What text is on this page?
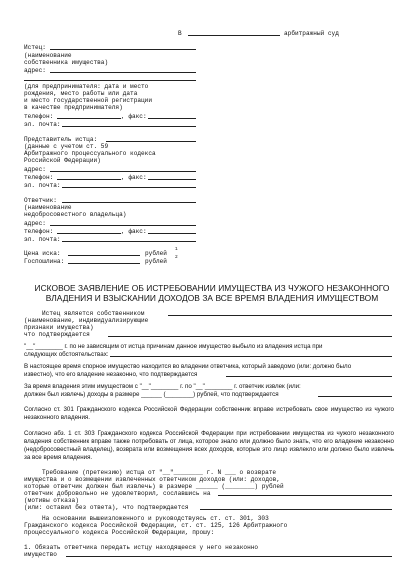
В	арбитражный суд
Истец:
(наименование
собственника имущества)
адрес:
(для предпринимателя: дата и место
рождения, место работы или дата
и место государственной регистрации
в качестве предпринимателя)
телефон:	, факс:
эл. почта:
Представитель истца:
(данные с учетом ст. 59
Арбитражного процессуального кодекса
Российской Федерации)
адрес:
телефон:	, факс:
эл. почта:
Ответчик:
(наименование
недобросовестного владельца)
адрес:
телефон:	, факс:
эл. почта:
Цена иска:	рублей
1
Госпошлина:	рублей
2
ИСКОВОЕ ЗАЯВЛЕНИЕ ОБ ИСТРЕБОВАНИИ ИМУЩЕСТВА ИЗ ЧУЖОГО НЕЗАКОННОГО
ВЛАДЕНИЯ И ВЗЫСКАНИИ ДОХОДОВ ЗА ВСЕ ВРЕМЯ ВЛАДЕНИЯ ИМУЩЕСТВОМ
Истец является собственником
(наименование, индивидуализирующие
признаки имущества)
что подтверждается
"__"________ г. по не зависящим от истца причинам данное имущество выбыло из владения истца при
следующих обстоятельствах:
В настоящее время спорное имущество находится во владении ответчика, который заведомо (или: должно было
известно), что его владение незаконно, что подтверждается
За время владения этим имуществом с "__"________ г. по "__"________ г. ответчик извлек (или:
должен был извлечь) доходы в размере ______ (________) рублей, что подтверждается
Согласно ст. 301 Гражданского кодекса Российской Федерации собственник вправе истребовать свое имущество из чужого незаконного владения.
Согласно абз. 1 ст. 303 Гражданского кодекса Российской Федерации при истребовании имущества из чужого незаконного владения собственник вправе также потребовать от лица, которое знало или должно было знать, что его владение незаконно (недобросовестный владелец), возврата или возмещения всех доходов, которые это лицо извлекло или должно было извлечь за все время владения.
Требование (претензию) истца от "__"________ г. N ___ о возврате
имущества и о возмещении извлеченных ответчиком доходов (или: доходов,
которые ответчик должен был извлечь) в размере ______ (________) рублей
ответчик добровольно не удовлетворил, сославшись на
(мотивы отказа)
(или: оставил без ответа), что подтверждается
На основании вышеизложенного и руководствуясь ст. ст. 301, 303
Гражданского кодекса Российской Федерации, ст. ст. 125, 126 Арбитражного
процессуального кодекса Российской Федерации, прошу:
1. Обязать ответчика передать истцу находящееся у него незаконно
имущество
